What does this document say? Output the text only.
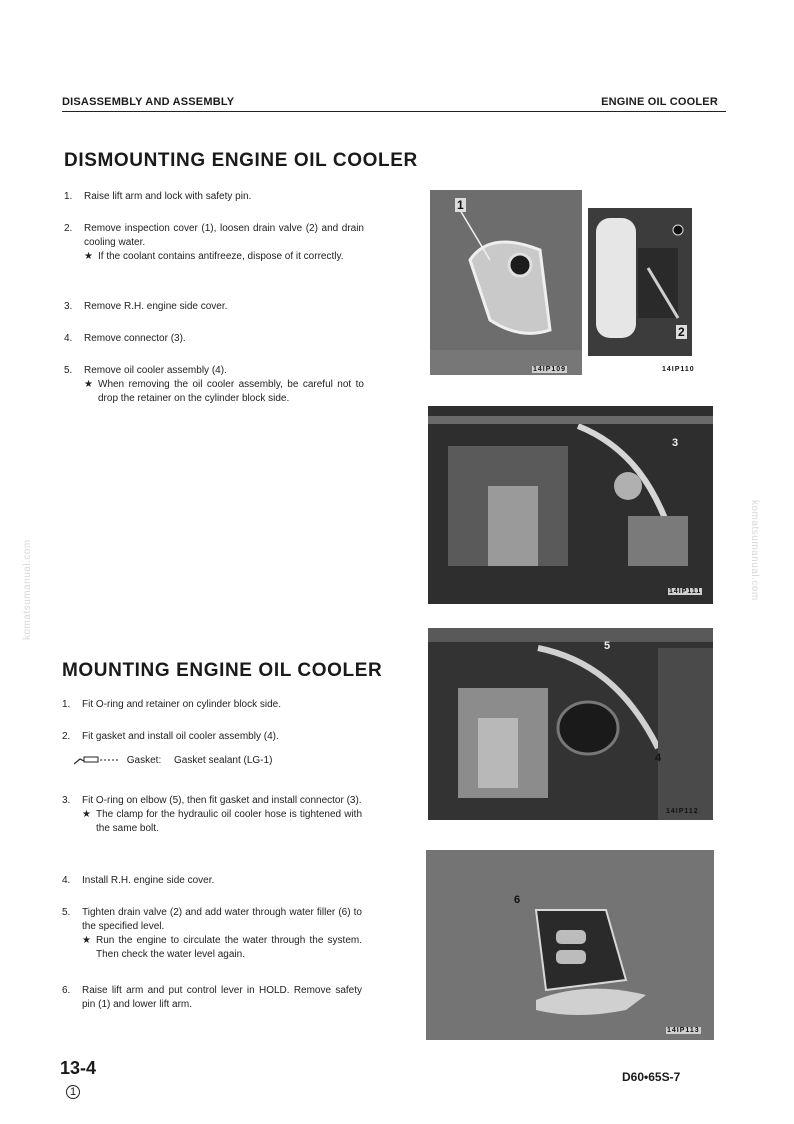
DISASSEMBLY AND ASSEMBLY	ENGINE OIL COOLER
komatsumanual.com	komatsumanual.com
DISMOUNTING ENGINE OIL COOLER
1.	Raise lift arm and lock with safety pin.
2.	Remove inspection cover (1), loosen drain valve (2) and drain cooling water.
★ If the coolant contains antifreeze, dispose of it correctly.
3.	Remove R.H. engine side cover.
4.	Remove connector (3).
5.	Remove oil cooler assembly (4).
★ When removing the oil cooler assembly, be careful not to drop the retainer on the cylinder block side.
1
14IP109
2
14IP110
3
14IP111
MOUNTING ENGINE OIL COOLER
1.	Fit O-ring and retainer on cylinder block side.
2.	Fit gasket and install oil cooler assembly (4).
Gasket: Gasket sealant (LG-1)
3.	Fit O-ring on elbow (5), then fit gasket and install connector (3).
★ The clamp for the hydraulic oil cooler hose is tightened with the same bolt.
4.	Install R.H. engine side cover.
5.	Tighten drain valve (2) and add water through water filler (6) to the specified level.
★ Run the engine to circulate the water through the system. Then check the water level again.
6.	Raise lift arm and put control lever in HOLD. Remove safety pin (1) and lower lift arm.
5
4
14IP112
6
14IP113
13-4
1
D60•65S-7
